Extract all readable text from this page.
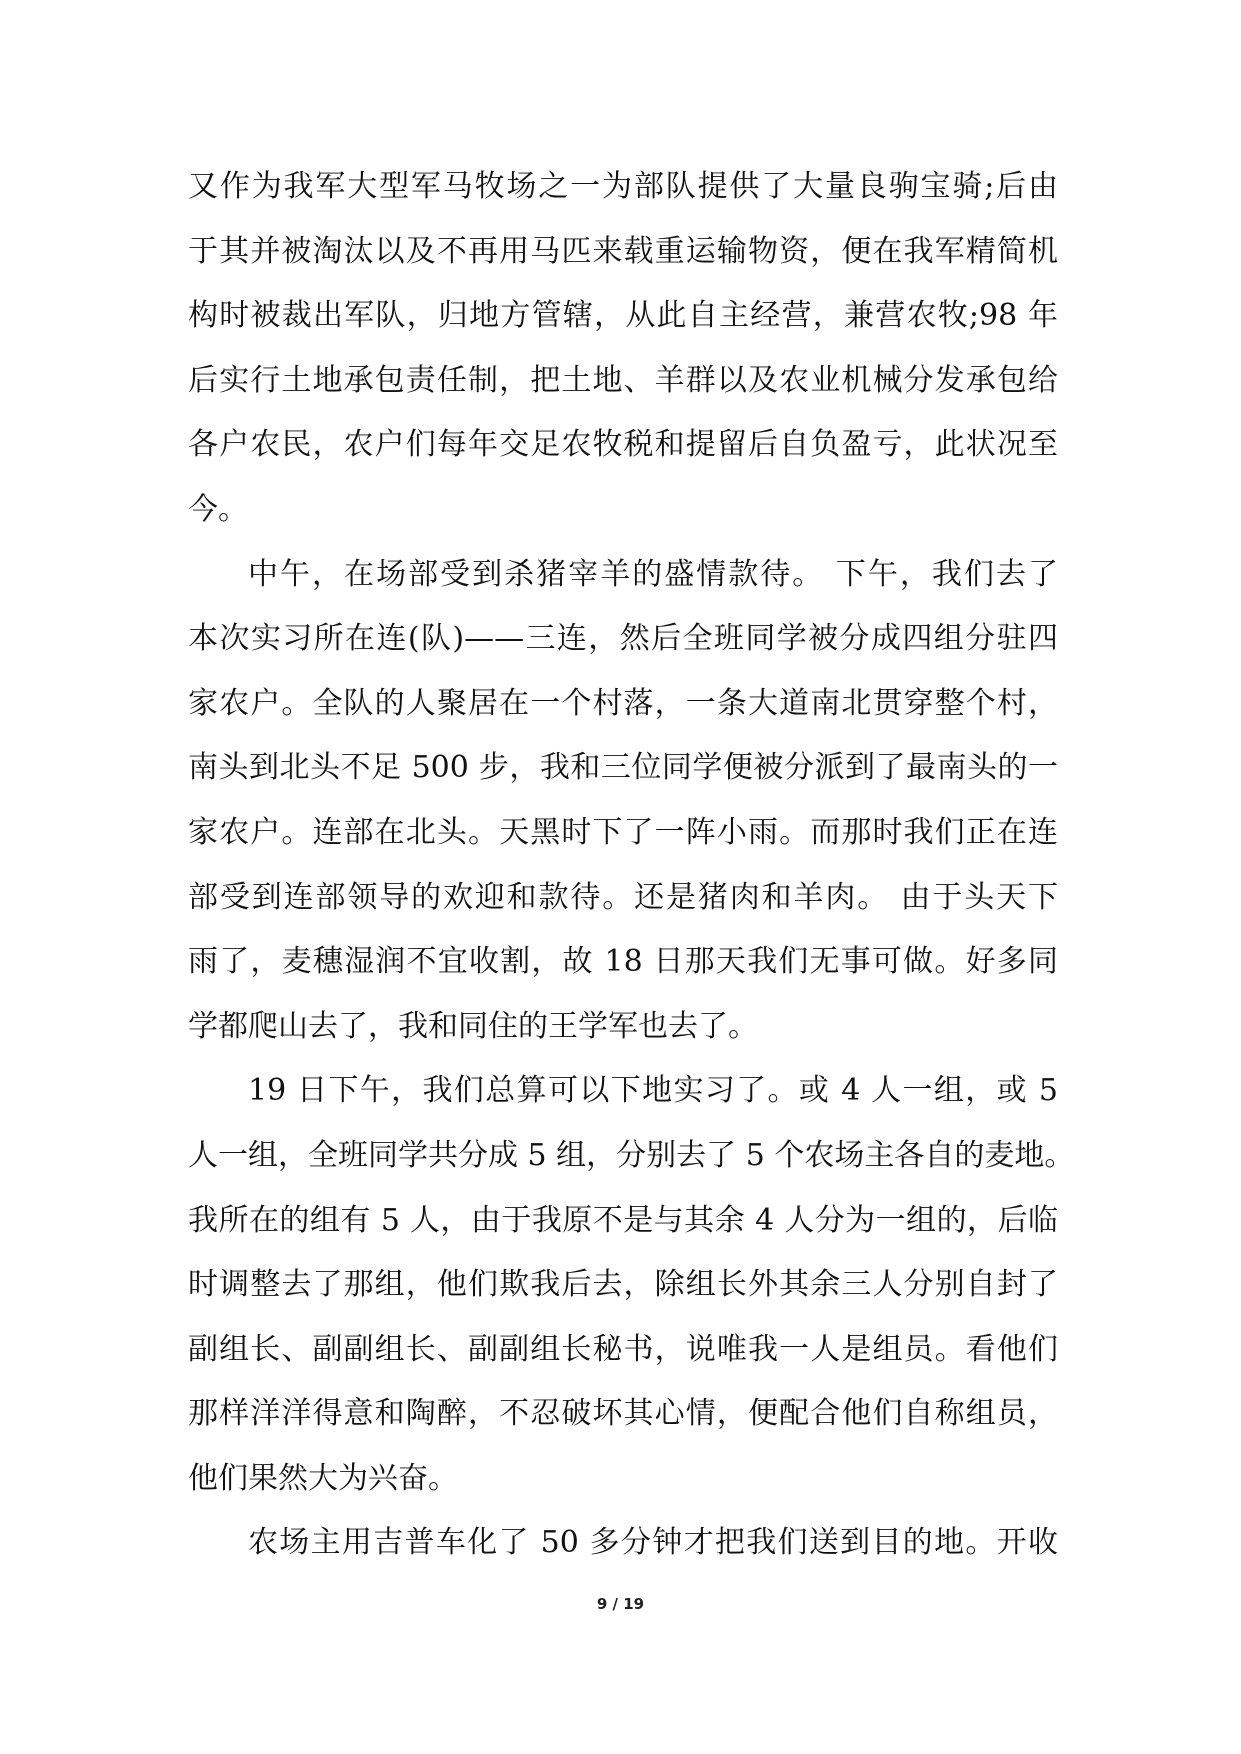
又作为我军大型军马牧场之一为部队提供了大量良驹宝骑;后由
于其并被淘汰以及不再用马匹来载重运输物资，便在我军精简机
构时被裁出军队，归地方管辖，从此自主经营，兼营农牧;98 年
后实行土地承包责任制，把土地、羊群以及农业机械分发承包给
各户农民，农户们每年交足农牧税和提留后自负盈亏，此状况至
今。
中午，在场部受到杀猪宰羊的盛情款待。 下午，我们去了
本次实习所在连(队)——三连，然后全班同学被分成四组分驻四
家农户。全队的人聚居在一个村落，一条大道南北贯穿整个村，
南头到北头不足 500 步，我和三位同学便被分派到了最南头的一
家农户。连部在北头。天黑时下了一阵小雨。而那时我们正在连
部受到连部领导的欢迎和款待。还是猪肉和羊肉。 由于头天下
雨了，麦穗湿润不宜收割，故 18 日那天我们无事可做。好多同
学都爬山去了，我和同住的王学军也去了。
19 日下午，我们总算可以下地实习了。或 4 人一组，或 5
人一组，全班同学共分成 5 组，分别去了 5 个农场主各自的麦地。
我所在的组有 5 人，由于我原不是与其余 4 人分为一组的，后临
时调整去了那组，他们欺我后去，除组长外其余三人分别自封了
副组长、副副组长、副副组长秘书，说唯我一人是组员。看他们
那样洋洋得意和陶醉，不忍破坏其心情，便配合他们自称组员，
他们果然大为兴奋。
农场主用吉普车化了 50 多分钟才把我们送到目的地。开收
9 / 19
